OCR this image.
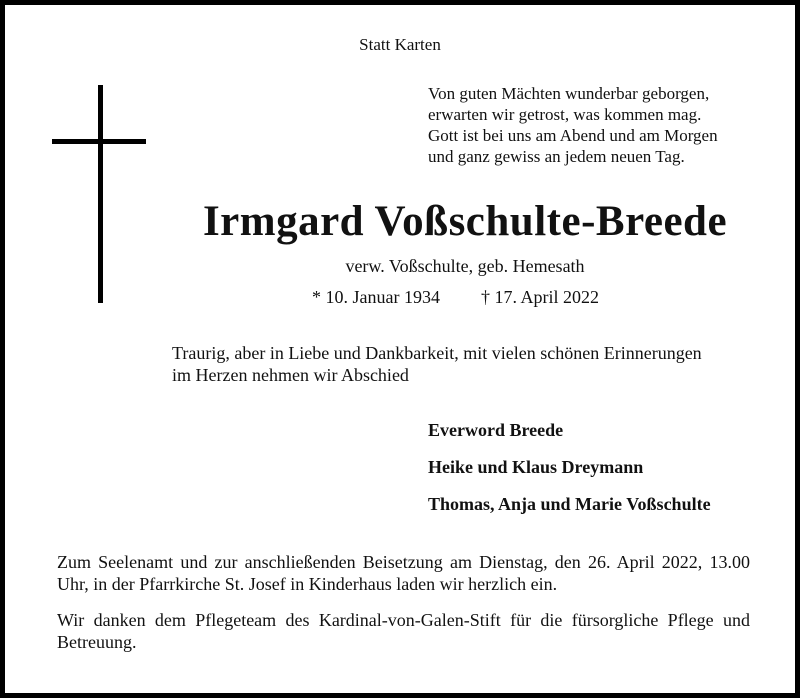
Statt Karten

Von guten Mächten wunderbar geborgen,
erwarten wir getrost, was kommen mag.
Gott ist bei uns am Abend und am Morgen
und ganz gewiss an jedem neuen Tag.

Irmgard Voßschulte-Breede

verw. Voßschulte, geb. Hemesath

* 10. Januar 1934 † 17. April 2022

Traurig, aber in Liebe und Dankbarkeit, mit vielen schönen Erinnerungen
im Herzen nehmen wir Abschied

Everword Breede

Heike und Klaus Dreymann

Thomas, Anja und Marie Voßschulte

Zum Seelenamt und zur anschließenden Beisetzung am Dienstag, den 26. April 2022, 13.00 Uhr, in der Pfarrkirche St. Josef in Kinderhaus laden wir herzlich ein.

Wir danken dem Pflegeteam des Kardinal-von-Galen-Stift für die fürsorgliche Pflege und Betreuung.
